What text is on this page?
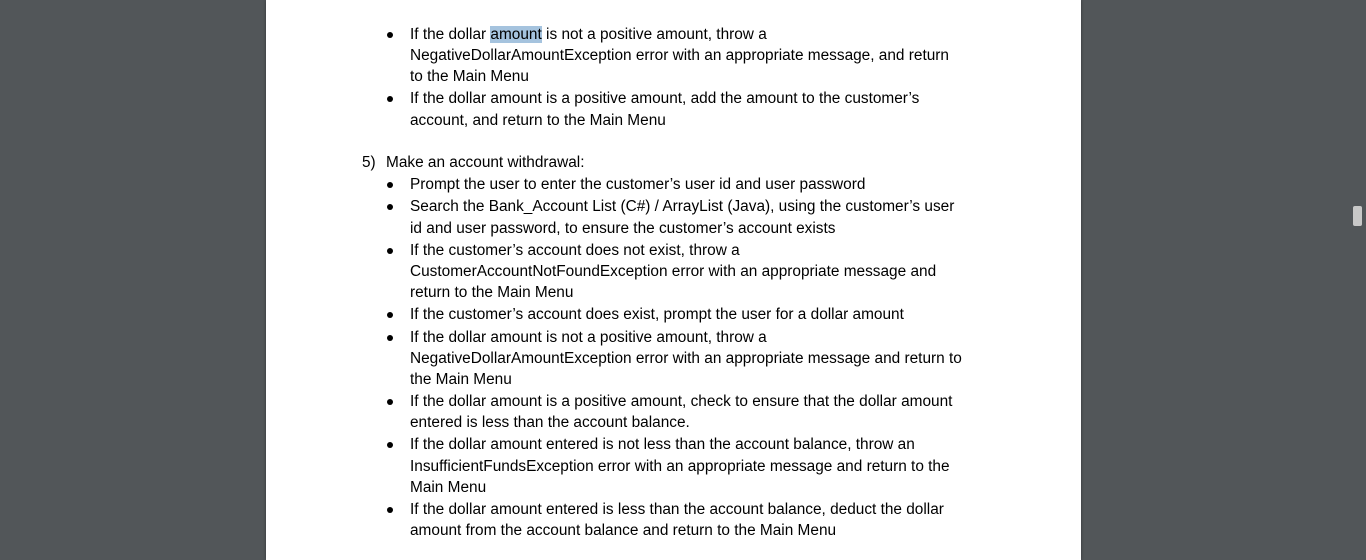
If the dollar amount is not a positive amount, throw a
NegativeDollarAmountException error with an appropriate message, and return
to the Main Menu
If the dollar amount is a positive amount, add the amount to the customer’s
account, and return to the Main Menu
5) Make an account withdrawal:
Prompt the user to enter the customer’s user id and user password
Search the Bank_Account List (C#) / ArrayList (Java), using the customer’s user
id and user password, to ensure the customer’s account exists
If the customer’s account does not exist, throw a
CustomerAccountNotFoundException error with an appropriate message and
return to the Main Menu
If the customer’s account does exist, prompt the user for a dollar amount
If the dollar amount is not a positive amount, throw a
NegativeDollarAmountException error with an appropriate message and return to
the Main Menu
If the dollar amount is a positive amount, check to ensure that the dollar amount
entered is less than the account balance.
If the dollar amount entered is not less than the account balance, throw an
InsufficientFundsException error with an appropriate message and return to the
Main Menu
If the dollar amount entered is less than the account balance, deduct the dollar
amount from the account balance and return to the Main Menu
